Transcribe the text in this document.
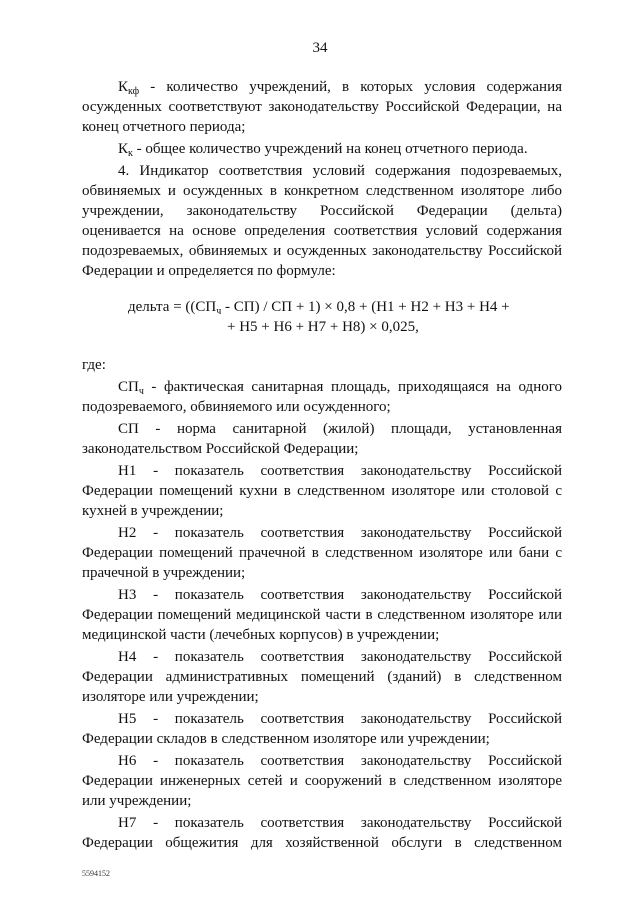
34

$К_{кф}$ - количество учреждений, в которых условия содержания осужденных соответствуют законодательству Российской Федерации, на конец отчетного периода;

$К_к$ - общее количество учреждений на конец отчетного периода.

4. Индикатор соответствия условий содержания подозреваемых, обвиняемых и осужденных в конкретном следственном изоляторе либо учреждении, законодательству Российской Федерации (дельта) оценивается на основе определения соответствия условий содержания подозреваемых, обвиняемых и осужденных законодательству Российской Федерации и определяется по формуле:

дельта = ($(СП_ч - СП)$ / СП + 1) × 0,8 + (Н1 + Н2 + Н3 + Н4 +
+ Н5 + Н6 + Н7 + Н8) × 0,025,

где:

$СП_ч$ - фактическая санитарная площадь, приходящаяся на одного подозреваемого, обвиняемого или осужденного;

СП - норма санитарной (жилой) площади, установленная законодательством Российской Федерации;

Н1 - показатель соответствия законодательству Российской Федерации помещений кухни в следственном изоляторе или столовой с кухней в учреждении;

Н2 - показатель соответствия законодательству Российской Федерации помещений прачечной в следственном изоляторе или бани с прачечной в учреждении;

Н3 - показатель соответствия законодательству Российской Федерации помещений медицинской части в следственном изоляторе или медицинской части (лечебных корпусов) в учреждении;

Н4 - показатель соответствия законодательству Российской Федерации административных помещений (зданий) в следственном изоляторе или учреждении;

Н5 - показатель соответствия законодательству Российской Федерации складов в следственном изоляторе или учреждении;

Н6 - показатель соответствия законодательству Российской Федерации инженерных сетей и сооружений в следственном изоляторе или учреждении;

Н7 - показатель соответствия законодательству Российской Федерации общежития для хозяйственной обслуги в следственном

5594152
